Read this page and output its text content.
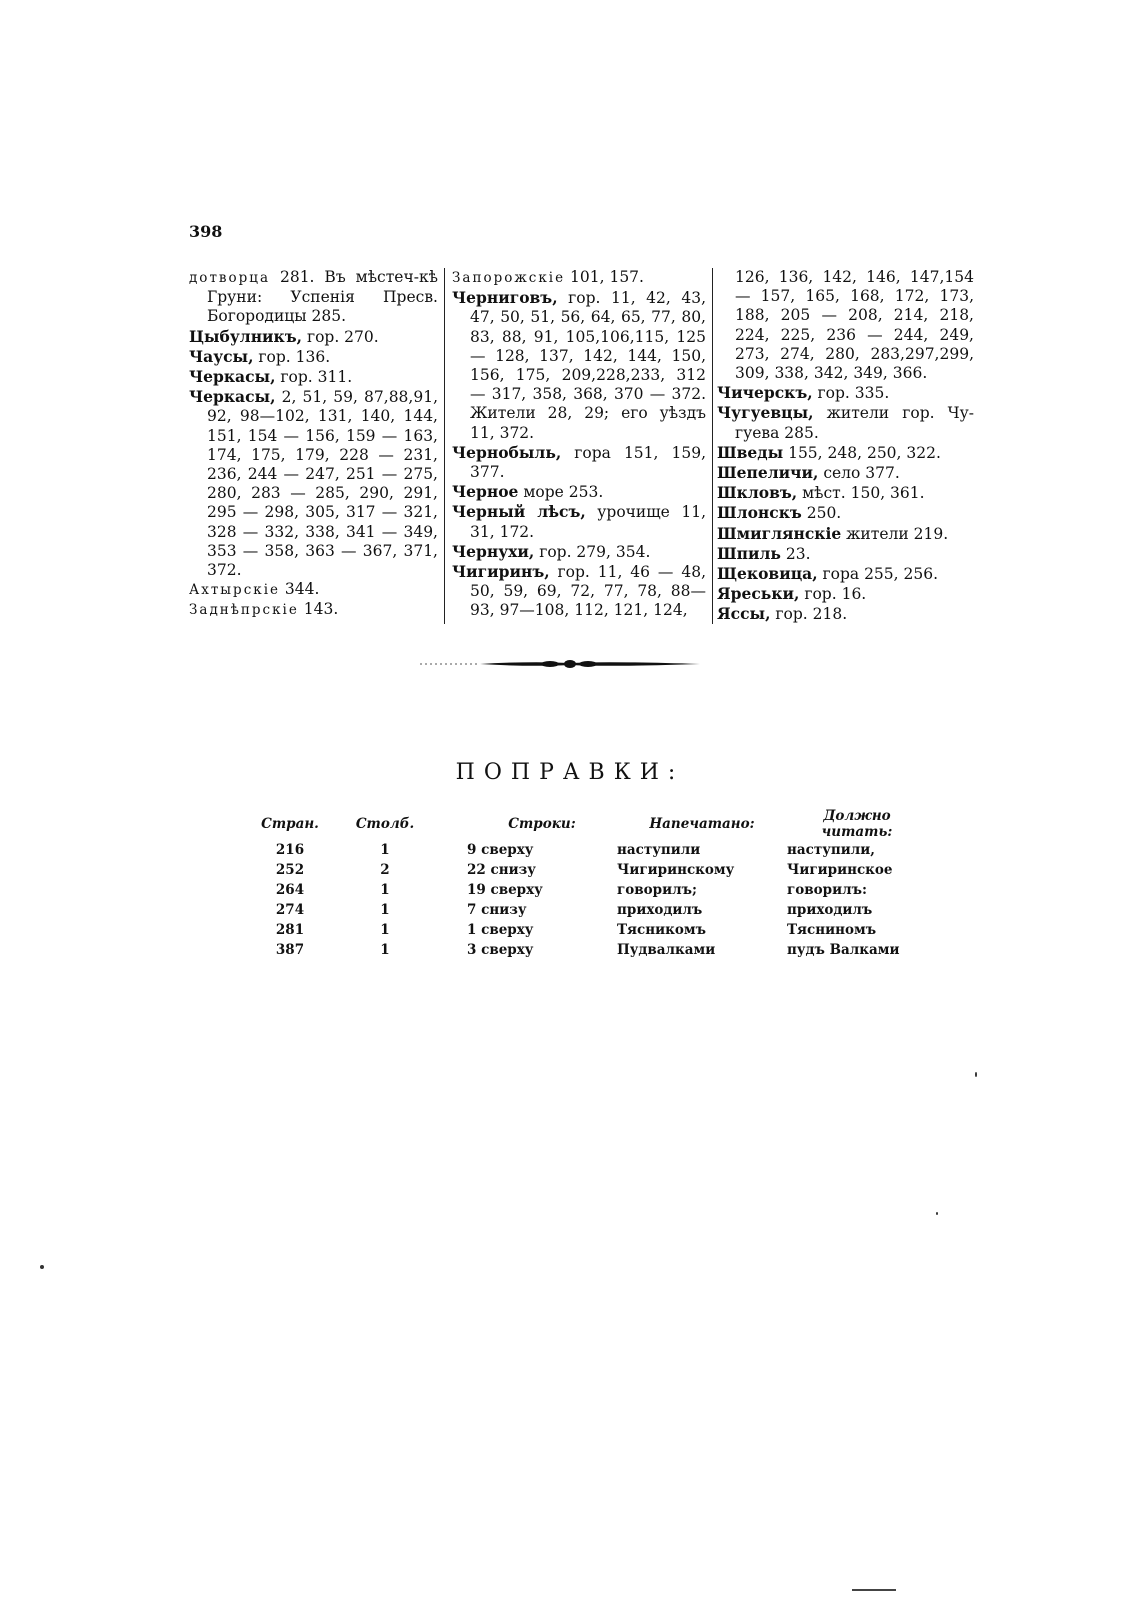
398
дотворца 281. Въ мѣстеч-кѣ Груни: Успенія Пресв. Богородицы 285.
Цыбулникъ, гор. 270.
Чаусы, гор. 136.
Черкасы, гор. 311.
Черкасы, 2, 51, 59, 87,88,91, 92, 98—102, 131, 140, 144, 151, 154 — 156, 159 — 163, 174, 175, 179, 228 — 231, 236, 244 — 247, 251 — 275, 280, 283 — 285, 290, 291, 295 — 298, 305, 317 — 321, 328 — 332, 338, 341 — 349, 353 — 358, 363 — 367, 371, 372.
Ахтырскіе 344.
Заднѣпрскіе 143.
Запорожскіе 101, 157.
Черниговъ, гор. 11, 42, 43, 47, 50, 51, 56, 64, 65, 77, 80, 83, 88, 91, 105,106,115, 125 — 128, 137, 142, 144, 150, 156, 175, 209,228,233, 312 — 317, 358, 368, 370 — 372. Жители 28, 29; его уѣздъ 11, 372.
Чернобыль, гора 151, 159, 377.
Черное море 253.
Черный лѣсъ, урочище 11, 31, 172.
Чернухи, гор. 279, 354.
Чигиринъ, гор. 11, 46 — 48, 50, 59, 69, 72, 77, 78, 88— 93, 97—108, 112, 121, 124,
126, 136, 142, 146, 147,154 — 157, 165, 168, 172, 173, 188, 205 — 208, 214, 218, 224, 225, 236 — 244, 249, 273, 274, 280, 283,297,299, 309, 338, 342, 349, 366.
Чичерскъ, гор. 335.
Чугуевцы, жители гор. Чу-гуева 285.
Шведы 155, 248, 250, 322.
Шепеличи, село 377.
Шкловъ, мѣст. 150, 361.
Шлонскъ 250.
Шмиглянскіе жители 219.
Шпиль 23.
Щековица, гора 255, 256.
Яреськи, гор. 16.
Яссы, гор. 218.
ПОПРАВКИ:
Стран.	Столб.	Строки:	Напечатано:	Должно читать:
216	1	9 сверху	наступили	наступили,
252	2	22 снизу	Чигиринскому	Чигиринское
264	1	19 сверху	говорилъ;	говорилъ:
274	1	7 снизу	приходилъ	приходилъ
281	1	1 сверху	Тясникомъ	Тясниномъ
387	1	3 сверху	Пудвалками	пудъ Валками
